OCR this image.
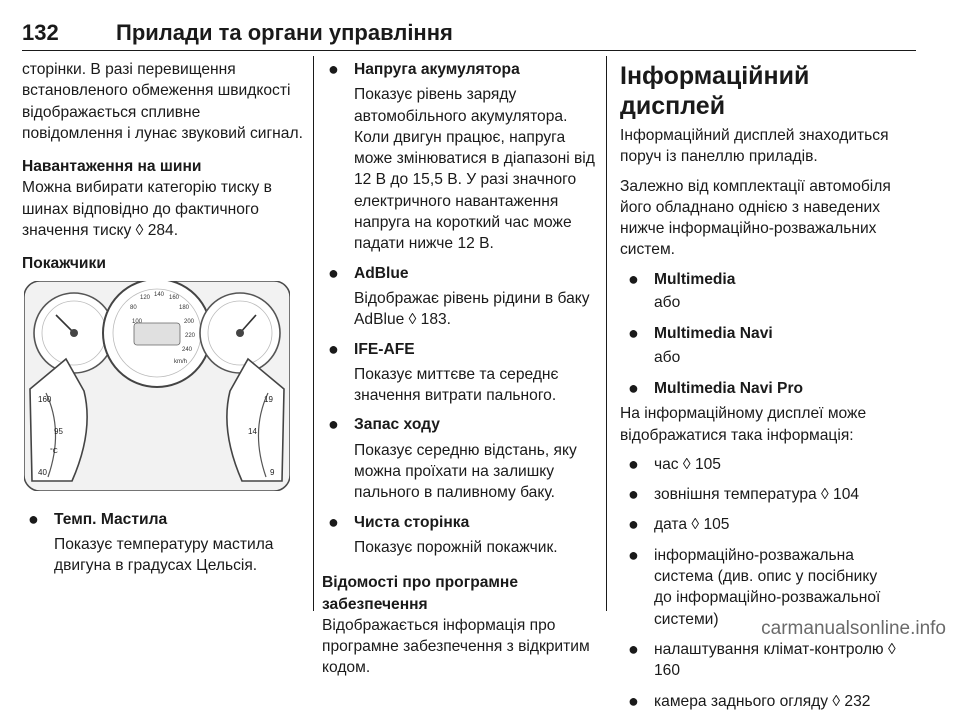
132	Прилади та органи управління

сторінки. В разі перевищення встановленого обмеження швидкості відображається спливне повідомлення і лунає звуковий сигнал.

Навантаження на шини

Можна вибирати категорію тиску в шинах відповідно до фактичного значення тиску ◊ 284.

Покажчики
80
120 140 160
180
200
220
240
100
km/h
160
95
°C
40
19
14
9
● Темп. Мастила
Показує температуру мастила двигуна в градусах Цельсія.
● Напруга акумулятора
Показує рівень заряду автомобільного акумулятора. Коли двигун працює, напруга може змінюватися в діапазоні від 12 В до 15,5 В. У разі значного електричного навантаження напруга на короткий час може падати нижче 12 В.
● AdBlue
Відображає рівень рідини в баку AdBlue ◊ 183.
● IFE-AFE
Показує миттєве та середнє значення витрати пального.
● Запас ходу
Показує середню відстань, яку можна проїхати на залишку пального в паливному баку.
● Чиста сторінка
Показує порожній покажчик.
Відомості про програмне забезпечення

Відображається інформація про програмне забезпечення з відкритим кодом.

Інформаційний дисплей

Інформаційний дисплей знаходиться поруч із панеллю приладів.

Залежно від комплектації автомобіля його обладнано однією з наведених нижче інформаційно-розважальних систем.

● Multimedia
або
● Multimedia Navi
або
● Multimedia Navi Pro

На інформаційному дисплеї може відображатися така інформація:

● час ◊ 105
● зовнішня температура ◊ 104
● дата ◊ 105
● інформаційно-розважальна система (див. опис у посібнику до інформаційно-розважальної системи)
● налаштування клімат-контролю ◊ 160
● камера заднього огляду ◊ 232
carmanualsonline.info
